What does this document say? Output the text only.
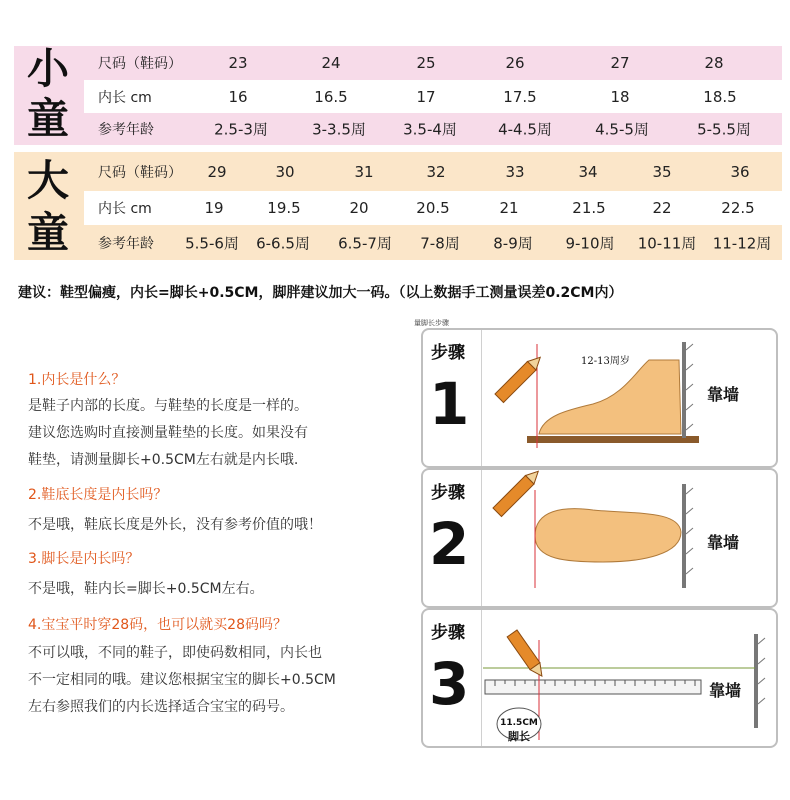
小
童
尺码（鞋码）	23	24	25	26	27	28
内长 cm	16	16.5	17	17.5	18	18.5
参考年龄	2.5-3周	3-3.5周 3.5-4周	4-4.5周	4.5-5周	5-5.5周
大
童
尺码（鞋码） 29	30	31	32	33	34	35	36
内长 cm	19	19.5	20	20.5	21	21.5	22	22.5
参考年龄 5.5-6周 6-6.5周 6.5-7周 7-8周 8-9周 9-10周 10-11周 11-12周
建议：鞋型偏瘦，内长=脚长+0.5CM，脚胖建议加大一码。（以上数据手工测量误差0.2CM内）
1.内长是什么？
是鞋子内部的长度。与鞋垫的长度是一样的。
建议您选购时直接测量鞋垫的长度。如果没有
鞋垫，请测量脚长+0.5CM左右就是内长哦.
2.鞋底长度是内长吗？
不是哦，鞋底长度是外长，没有参考价值的哦！
3.脚长是内长吗？
不是哦，鞋内长=脚长+0.5CM左右。
4.宝宝平时穿28码，也可以就买28码吗？
不可以哦，不同的鞋子，即使码数相同，内长也
不一定相同的哦。建议您根据宝宝的脚长+0.5CM
左右参照我们的内长选择适合宝宝的码号。
量脚长步骤
步骤
1
12-13周岁
靠墙
步骤
2	靠墙
步骤
3
11.5CM
脚长
靠墙
